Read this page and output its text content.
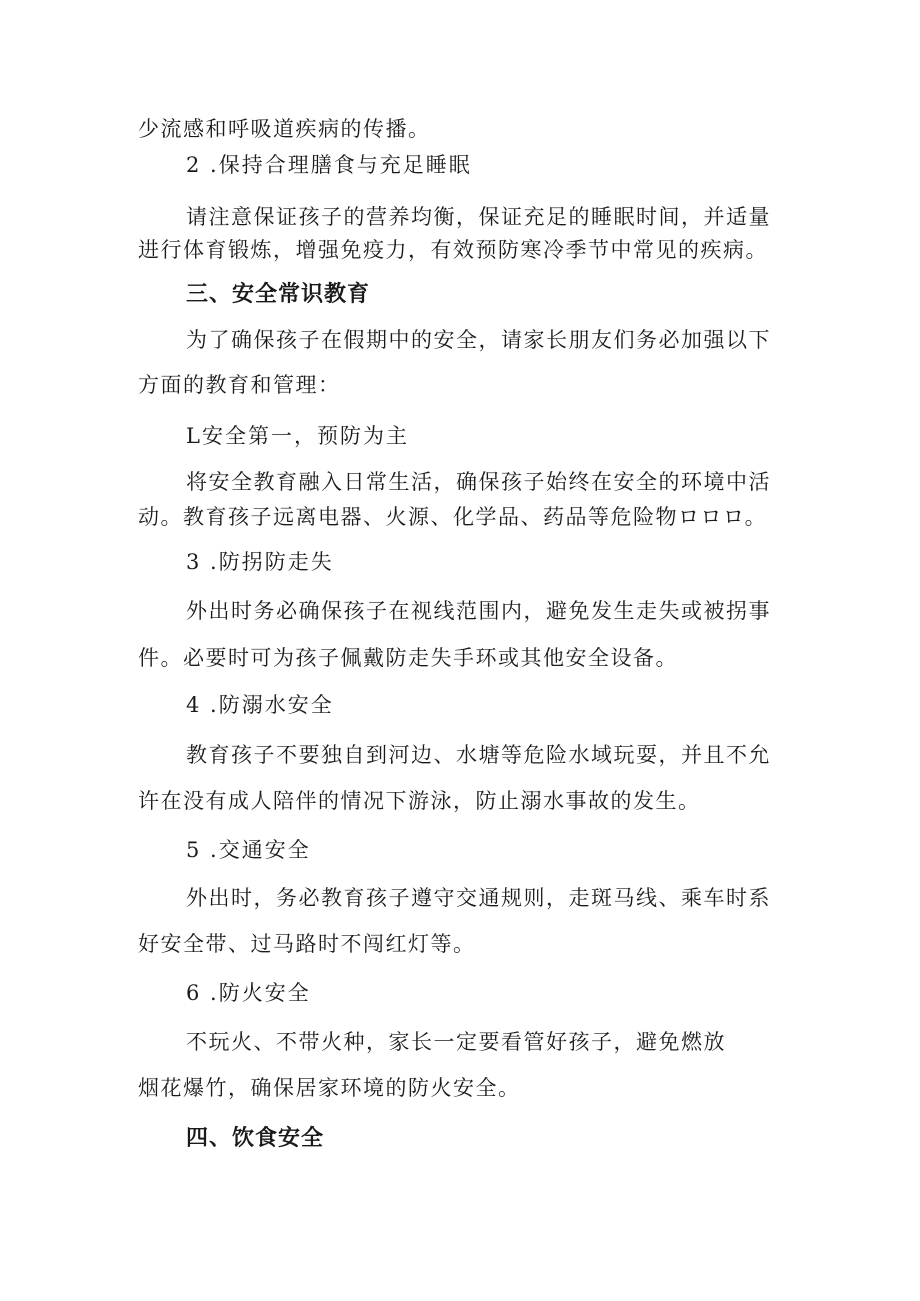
少流感和呼吸道疾病的传播。
2 .保持合理膳食与充足睡眠
请注意保证孩子的营养均衡，保证充足的睡眠时间，并适量
进行体育锻炼，增强免疫力，有效预防寒冷季节中常见的疾病。
三、安全常识教育
为了确保孩子在假期中的安全，请家长朋友们务必加强以下
方面的教育和管理：
L安全第一，预防为主
将安全教育融入日常生活，确保孩子始终在安全的环境中活
动。教育孩子远离电器、火源、化学品、药品等危险物ロロロ。
3 .防拐防走失
外出时务必确保孩子在视线范围内，避免发生走失或被拐事
件。必要时可为孩子佩戴防走失手环或其他安全设备。
4 .防溺水安全
教育孩子不要独自到河边、水塘等危险水域玩耍，并且不允
许在没有成人陪伴的情况下游泳，防止溺水事故的发生。
5 .交通安全
外出时，务必教育孩子遵守交通规则，走斑马线、乘车时系
好安全带、过马路时不闯红灯等。
6 .防火安全
不玩火、不带火种，家长一定要看管好孩子，避免燃放
烟花爆竹，确保居家环境的防火安全。
四、饮食安全
